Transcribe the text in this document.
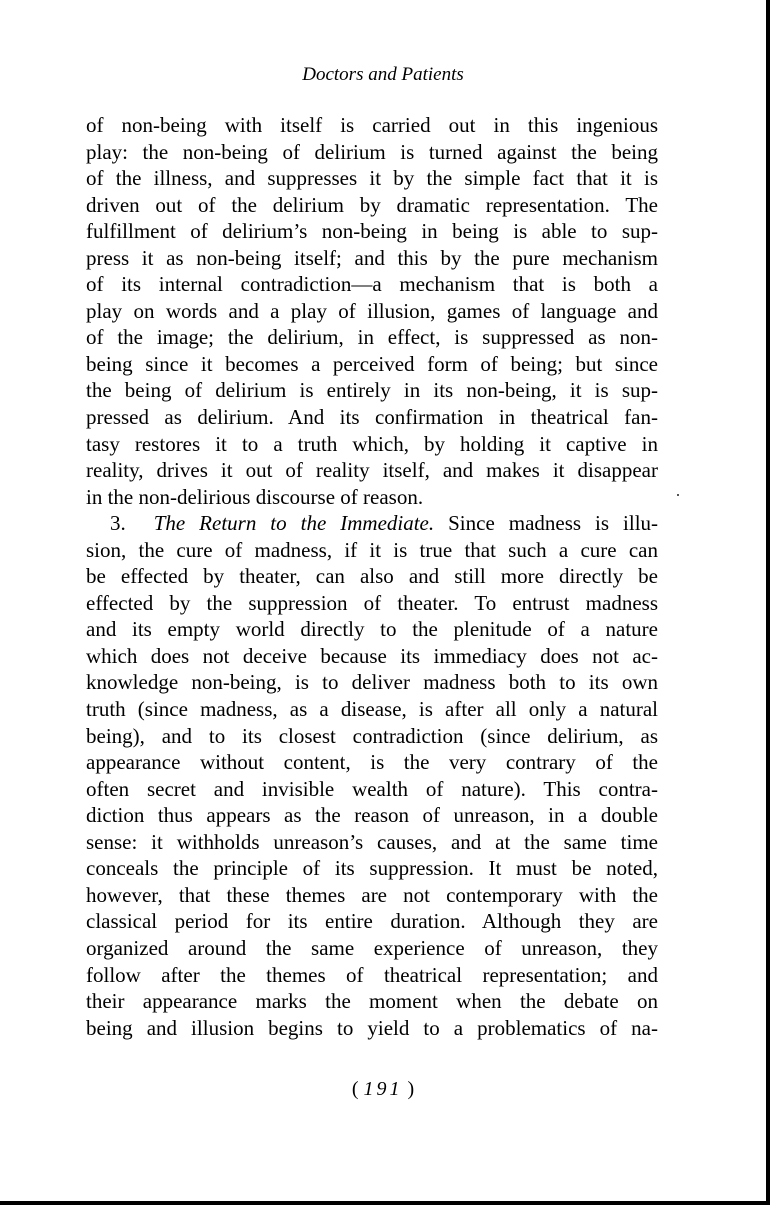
Doctors and Patients
of non-being with itself is carried out in this ingenious
play: the non-being of delirium is turned against the being
of the illness, and suppresses it by the simple fact that it is
driven out of the delirium by dramatic representation. The
fulfillment of delirium’s non-being in being is able to sup-
press it as non-being itself; and this by the pure mechanism
of its internal contradiction—a mechanism that is both a
play on words and a play of illusion, games of language and
of the image; the delirium, in effect, is suppressed as non-
being since it becomes a perceived form of being; but since
the being of delirium is entirely in its non-being, it is sup-
pressed as delirium. And its confirmation in theatrical fan-
tasy restores it to a truth which, by holding it captive in
reality, drives it out of reality itself, and makes it disappear
in the non-delirious discourse of reason.
3. The Return to the Immediate. Since madness is illu-
sion, the cure of madness, if it is true that such a cure can
be effected by theater, can also and still more directly be
effected by the suppression of theater. To entrust madness
and its empty world directly to the plenitude of a nature
which does not deceive because its immediacy does not ac-
knowledge non-being, is to deliver madness both to its own
truth (since madness, as a disease, is after all only a natural
being), and to its closest contradiction (since delirium, as
appearance without content, is the very contrary of the
often secret and invisible wealth of nature). This contra-
diction thus appears as the reason of unreason, in a double
sense: it withholds unreason’s causes, and at the same time
conceals the principle of its suppression. It must be noted,
however, that these themes are not contemporary with the
classical period for its entire duration. Although they are
organized around the same experience of unreason, they
follow after the themes of theatrical representation; and
their appearance marks the moment when the debate on
being and illusion begins to yield to a problematics of na-
( 191 )
